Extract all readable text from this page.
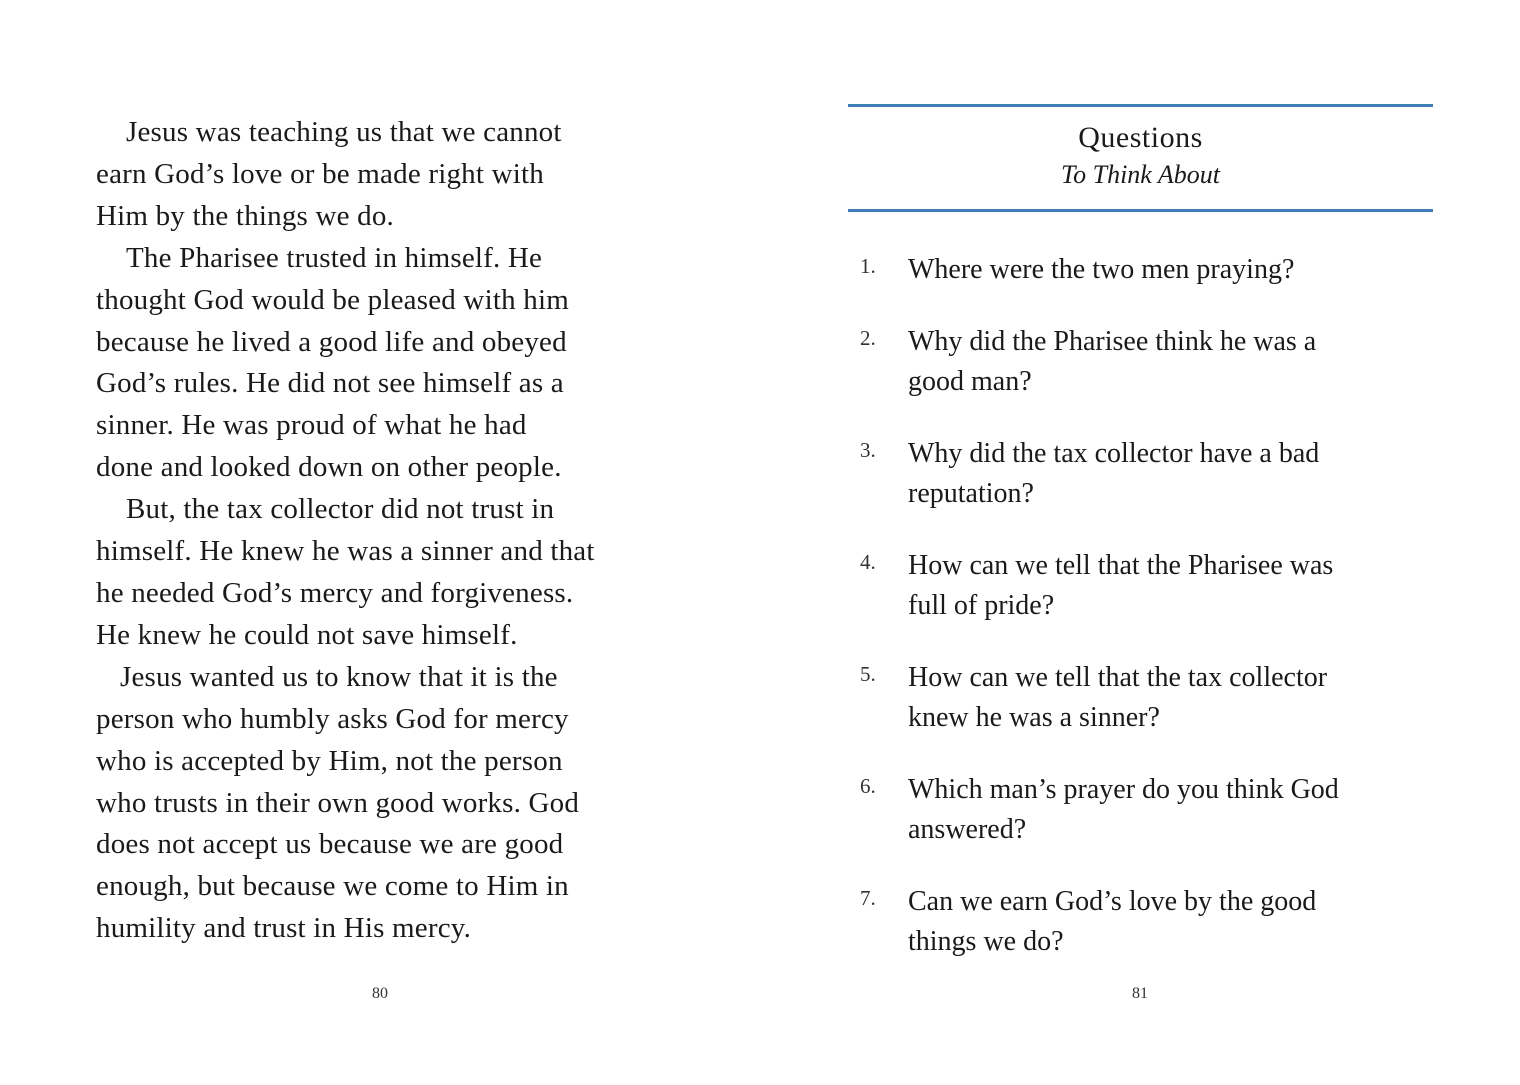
Jesus was teaching us that we cannot
earn God’s love or be made right with
Him by the things we do.

The Pharisee trusted in himself. He
thought God would be pleased with him
because he lived a good life and obeyed
God’s rules. He did not see himself as a
sinner. He was proud of what he had
done and looked down on other people.

But, the tax collector did not trust in
himself. He knew he was a sinner and that
he needed God’s mercy and forgiveness.
He knew he could not save himself.

Jesus wanted us to know that it is the
person who humbly asks God for mercy
who is accepted by Him, not the person
who trusts in their own good works. God
does not accept us because we are good
enough, but because we come to Him in
humility and trust in His mercy.

80
Questions
To Think About
1. Where were the two men praying?
2. Why did the Pharisee think he was a
good man?
3. Why did the tax collector have a bad
reputation?
4. How can we tell that the Pharisee was
full of pride?
5. How can we tell that the tax collector
knew he was a sinner?
6. Which man’s prayer do you think God
answered?
7. Can we earn God’s love by the good
things we do?
81
